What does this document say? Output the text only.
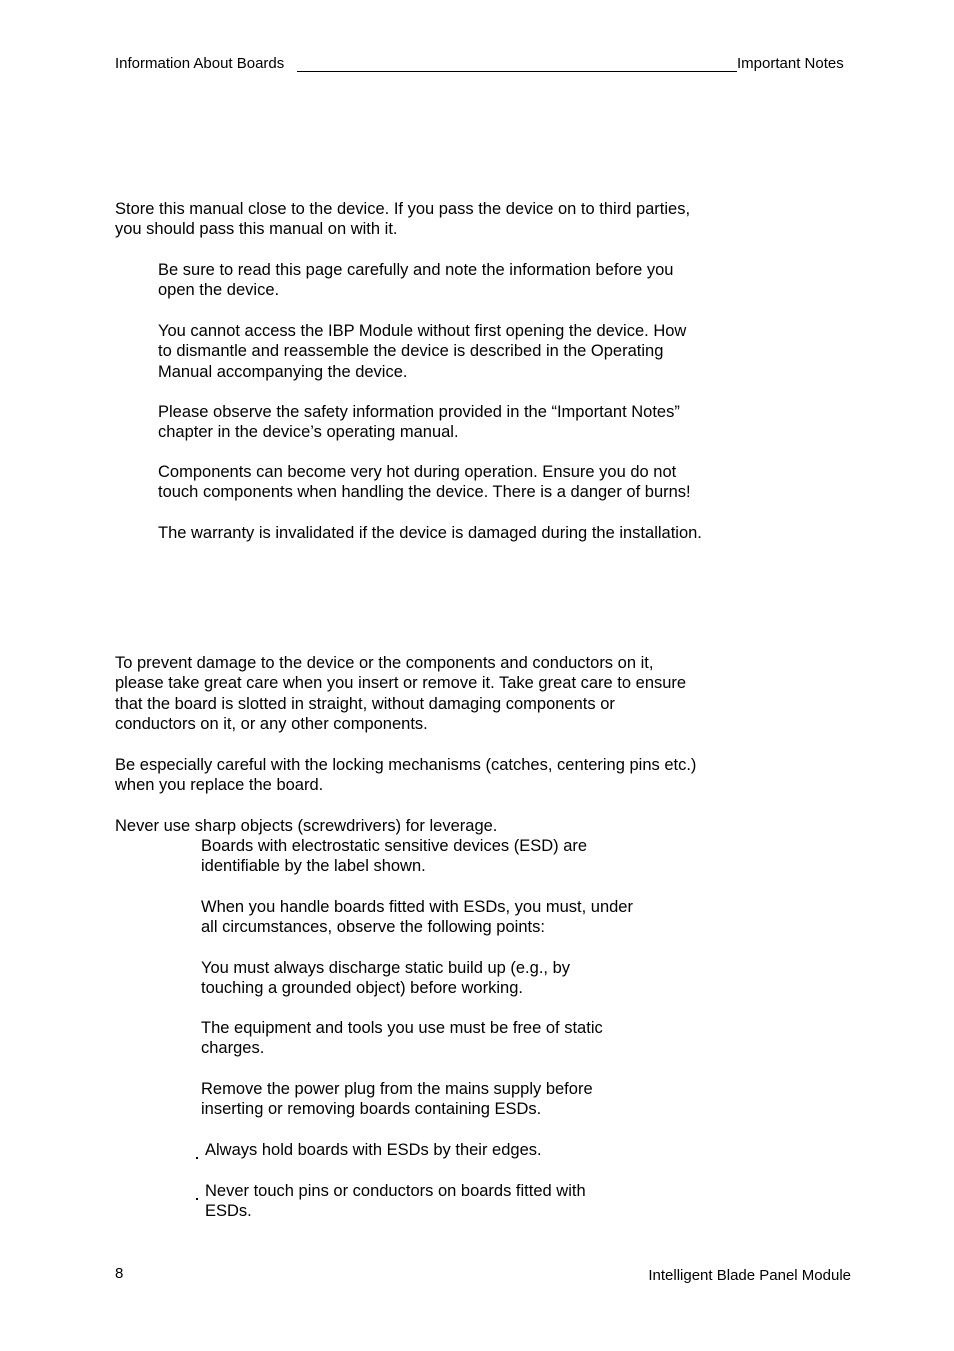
Information About Boards	Important Notes
Store this manual close to the device. If you pass the device on to third parties,
you should pass this manual on with it.
Be sure to read this page carefully and note the information before you
open the device.
You cannot access the IBP Module without first opening the device. How
to dismantle and reassemble the device is described in the Operating
Manual accompanying the device.
Please observe the safety information provided in the “Important Notes”
chapter in the device’s operating manual.
Components can become very hot during operation. Ensure you do not
touch components when handling the device. There is a danger of burns!
The warranty is invalidated if the device is damaged during the installation.
To prevent damage to the device or the components and conductors on it,
please take great care when you insert or remove it. Take great care to ensure
that the board is slotted in straight, without damaging components or
conductors on it, or any other components.
Be especially careful with the locking mechanisms (catches, centering pins etc.)
when you replace the board.
Never use sharp objects (screwdrivers) for leverage.
Boards with electrostatic sensitive devices (ESD) are
identifiable by the label shown.
When you handle boards fitted with ESDs, you must, under
all circumstances, observe the following points:
You must always discharge static build up (e.g., by
touching a grounded object) before working.
The equipment and tools you use must be free of static
charges.
Remove the power plug from the mains supply before
inserting or removing boards containing ESDs.
Always hold boards with ESDs by their edges.
Never touch pins or conductors on boards fitted with
ESDs.
8	Intelligent Blade Panel Module
